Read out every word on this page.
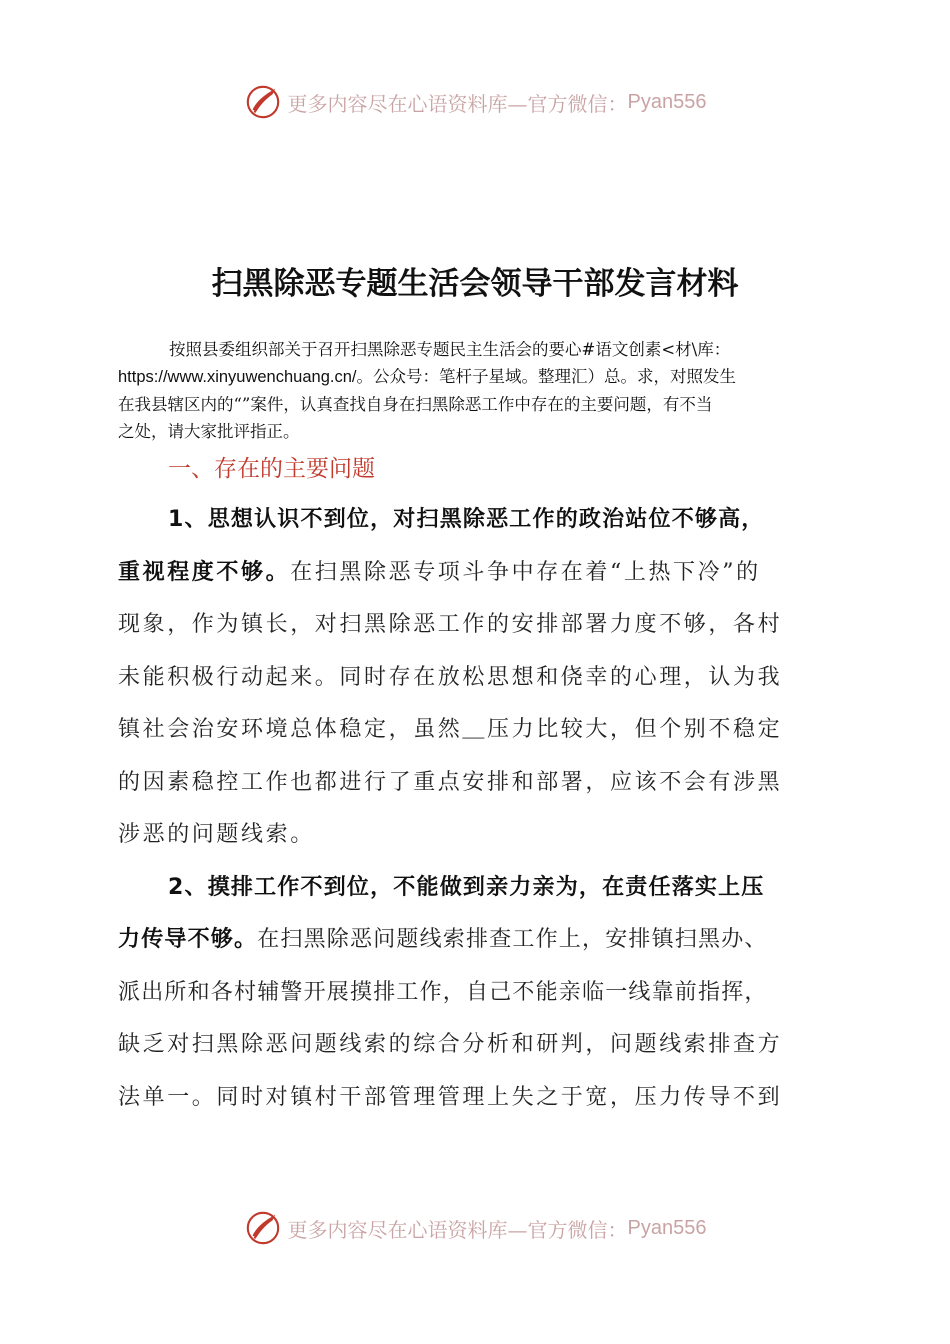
更多内容尽在心语资料库—官方微信： Pyan556
扫黑除恶专题生活会领导干部发言材料
按照县委组织部关于召开扫黑除恶专题民主生活会的要心#语文创素<材\库：
https://www.xinyuwenchuang.cn/。公众号：笔杆子星域。整理汇）总。求，对照发生
在我县辖区内的“”案件，认真查找自身在扫黑除恶工作中存在的主要问题，有不当
之处，请大家批评指正。
一、存在的主要问题
1、思想认识不到位，对扫黑除恶工作的政治站位不够高，
重视程度不够。在扫黑除恶专项斗争中存在着“上热下冷”的
现象，作为镇长，对扫黑除恶工作的安排部署力度不够，各村
未能积极行动起来。同时存在放松思想和侥幸的心理，认为我
镇社会治安环境总体稳定，虽然＿压力比较大，但个别不稳定
的因素稳控工作也都进行了重点安排和部署，应该不会有涉黑
涉恶的问题线索。
2、摸排工作不到位，不能做到亲力亲为，在责任落实上压
力传导不够。在扫黑除恶问题线索排查工作上，安排镇扫黑办、
派出所和各村辅警开展摸排工作，自己不能亲临一线靠前指挥，
缺乏对扫黑除恶问题线索的综合分析和研判，问题线索排查方
法单一。同时对镇村干部管理管理上失之于宽，压力传导不到
更多内容尽在心语资料库—官方微信： Pyan556
